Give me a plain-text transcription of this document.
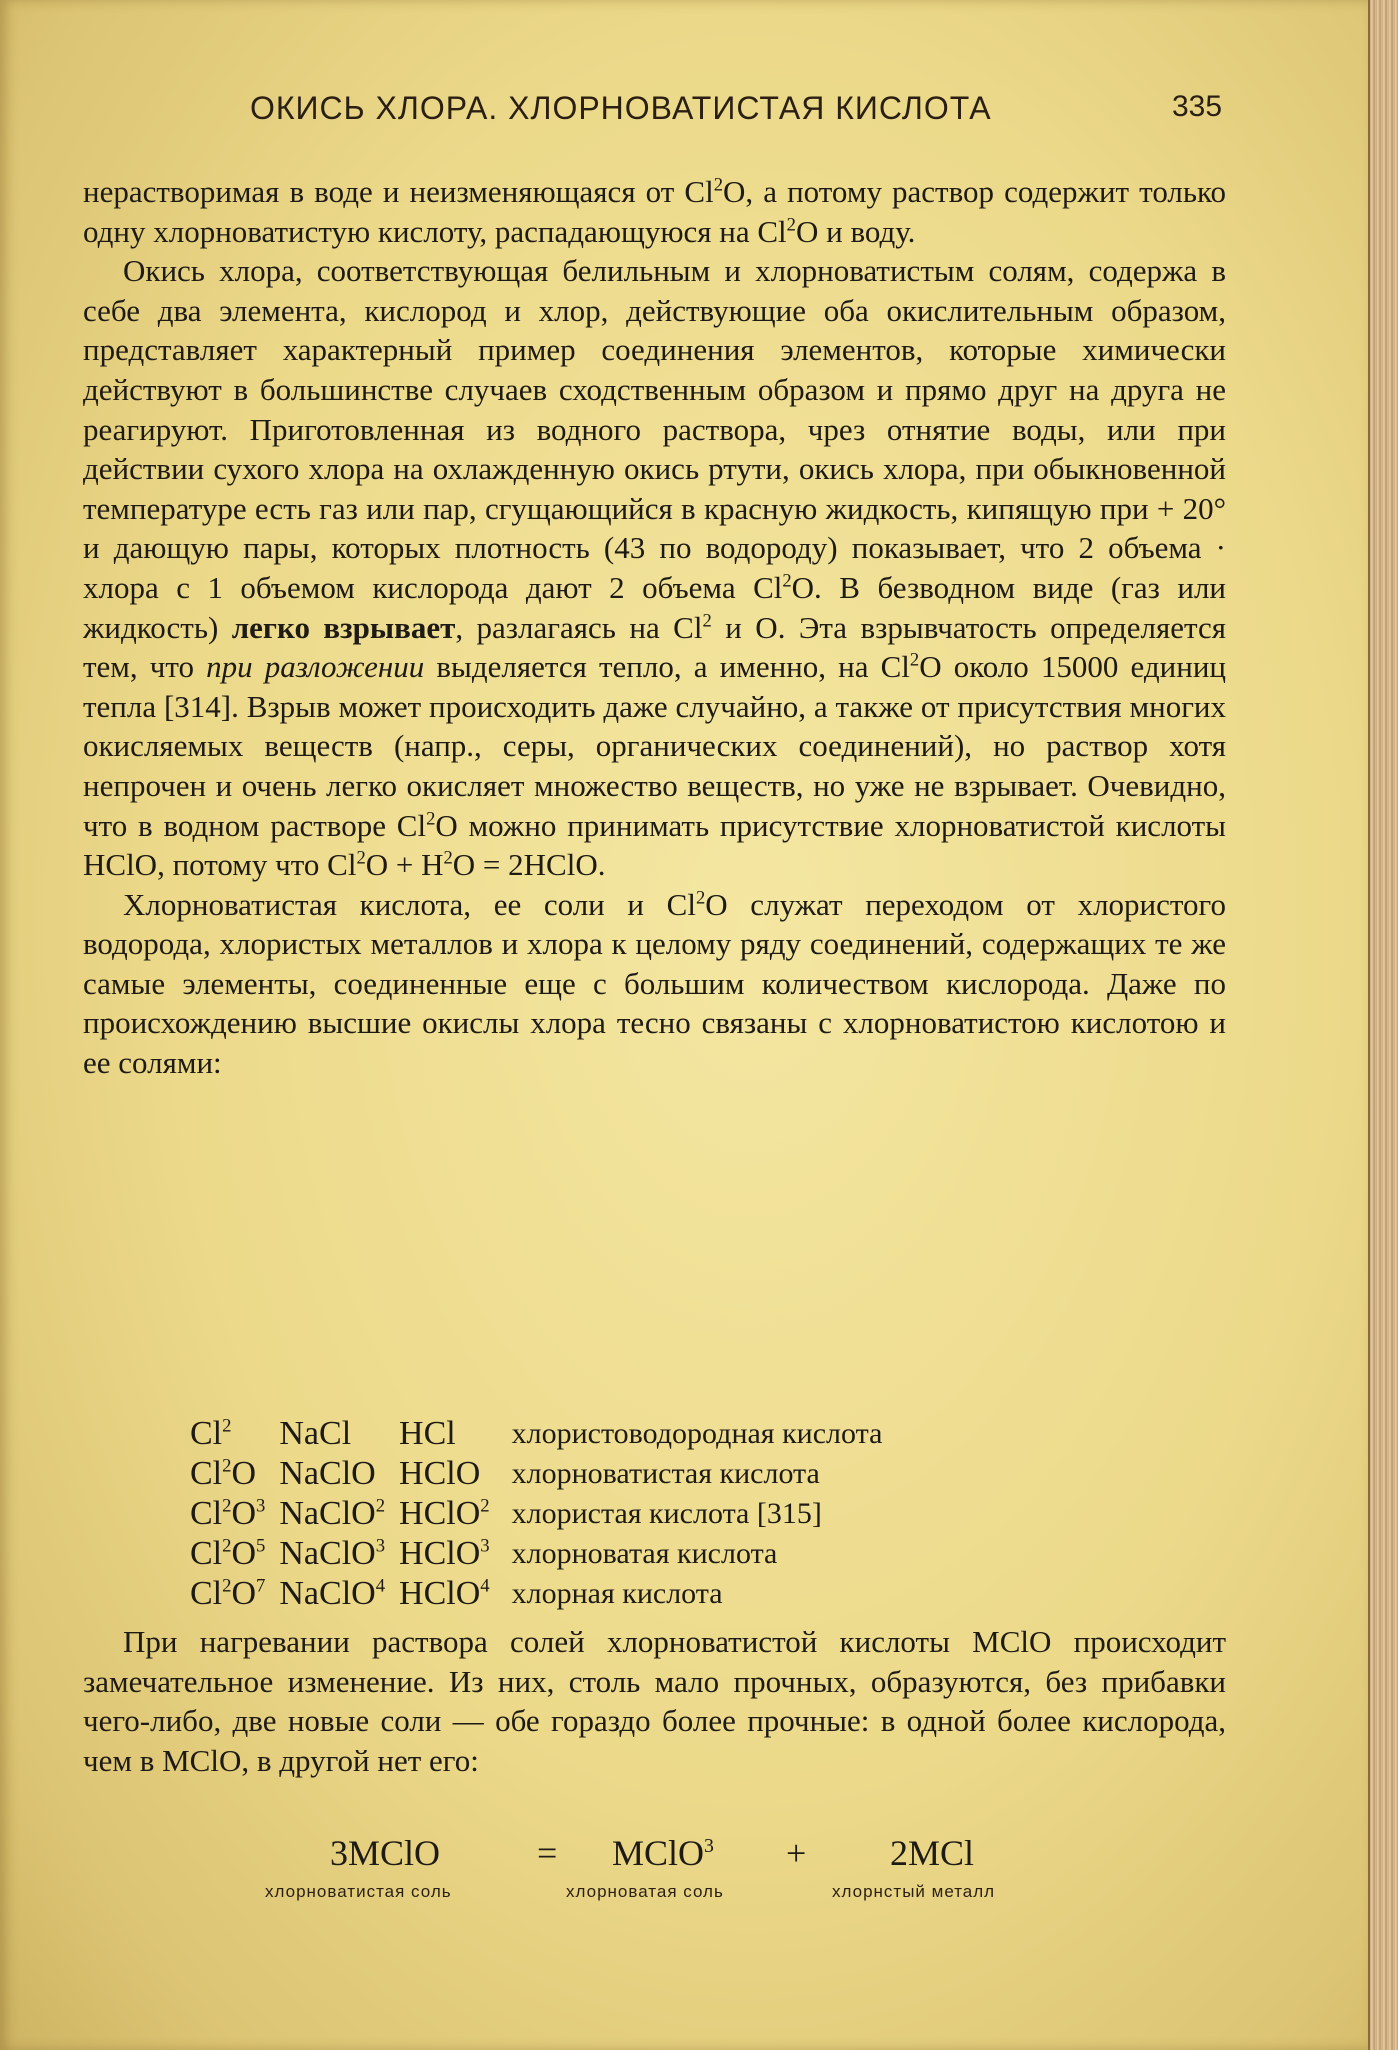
ОКИСЬ ХЛОРА. ХЛОРНОВАТИСТАЯ КИСЛОТА	335

нерастворимая в воде и неизменяющаяся от Cl$^2$O, а потому раствор содержит только одну хлорноватистую кислоту, распадающуюся на Cl$^2$O и воду.

Окись хлора, соответствующая белильным и хлорноватистым солям, содержа в себе два элемента, кислород и хлор, действующие оба окислительным образом, представляет характерный пример соединения элементов, которые химически действуют в большинстве случаев сходственным образом и прямо друг на друга не реагируют. Приготовленная из водного раствора, чрез отнятие воды, или при действии сухого хлора на охлажденную окись ртути, окись хлора, при обыкновенной температуре есть газ или пар, сгущающийся в красную жидкость, кипящую при + 20° и дающую пары, которых плотность (43 по водороду) показывает, что 2 объема · хлора с 1 объемом кислорода дают 2 объема Cl$^2$O. В безводном виде (газ или жидкость) легко взрывает, разлагаясь на Cl$^2$ и O. Эта взрывчатость определяется тем, что при разложении выделяется тепло, а именно, на Cl$^2$O около 15000 единиц тепла [314]. Взрыв может происходить даже случайно, а также от присутствия многих окисляемых веществ (напр., серы, органических соединений), но раствор хотя непрочен и очень легко окисляет множество веществ, но уже не взрывает. Очевидно, что в водном растворе Cl$^2$O можно принимать присутствие хлорноватистой кислоты HClO, потому что $Cl^2O + H^2O$ = 2HClO.

Хлорноватистая кислота, ее соли и Cl$^2$O служат переходом от хлористого водорода, хлористых металлов и хлора к целому ряду соединений, содержащих те же самые элементы, соединенные еще с большим количеством кислорода. Даже по происхождению высшие окислы хлора тесно связаны с хлорноватистою кислотою и ее солями:

Cl$^2$	NaCl	HCl	хлористоводородная кислота
Cl$^2$O	NaClO	HClO	хлорноватистая кислота
$Cl^2O^3$	NaClO$^2$	HClO$^2$	хлористая кислота [315]
$Cl^2O^5$	NaClO$^3$	HClO$^3$	хлорноватая кислота
$Cl^2O^7$	NaClO$^4$	HClO$^4$	хлорная кислота

При нагревании раствора солей хлорноватистой кислоты MClO происходит замечательное изменение. Из них, столь мало прочных, образуются, без прибавки чего-либо, две новые соли — обе гораздо более прочные: в одной более кислорода, чем в MClO, в другой нет его:

3MClO	= MClO$^3$ + 2MCl
хлорноватистая соль	хлорноватая соль	хлорнстый металл
